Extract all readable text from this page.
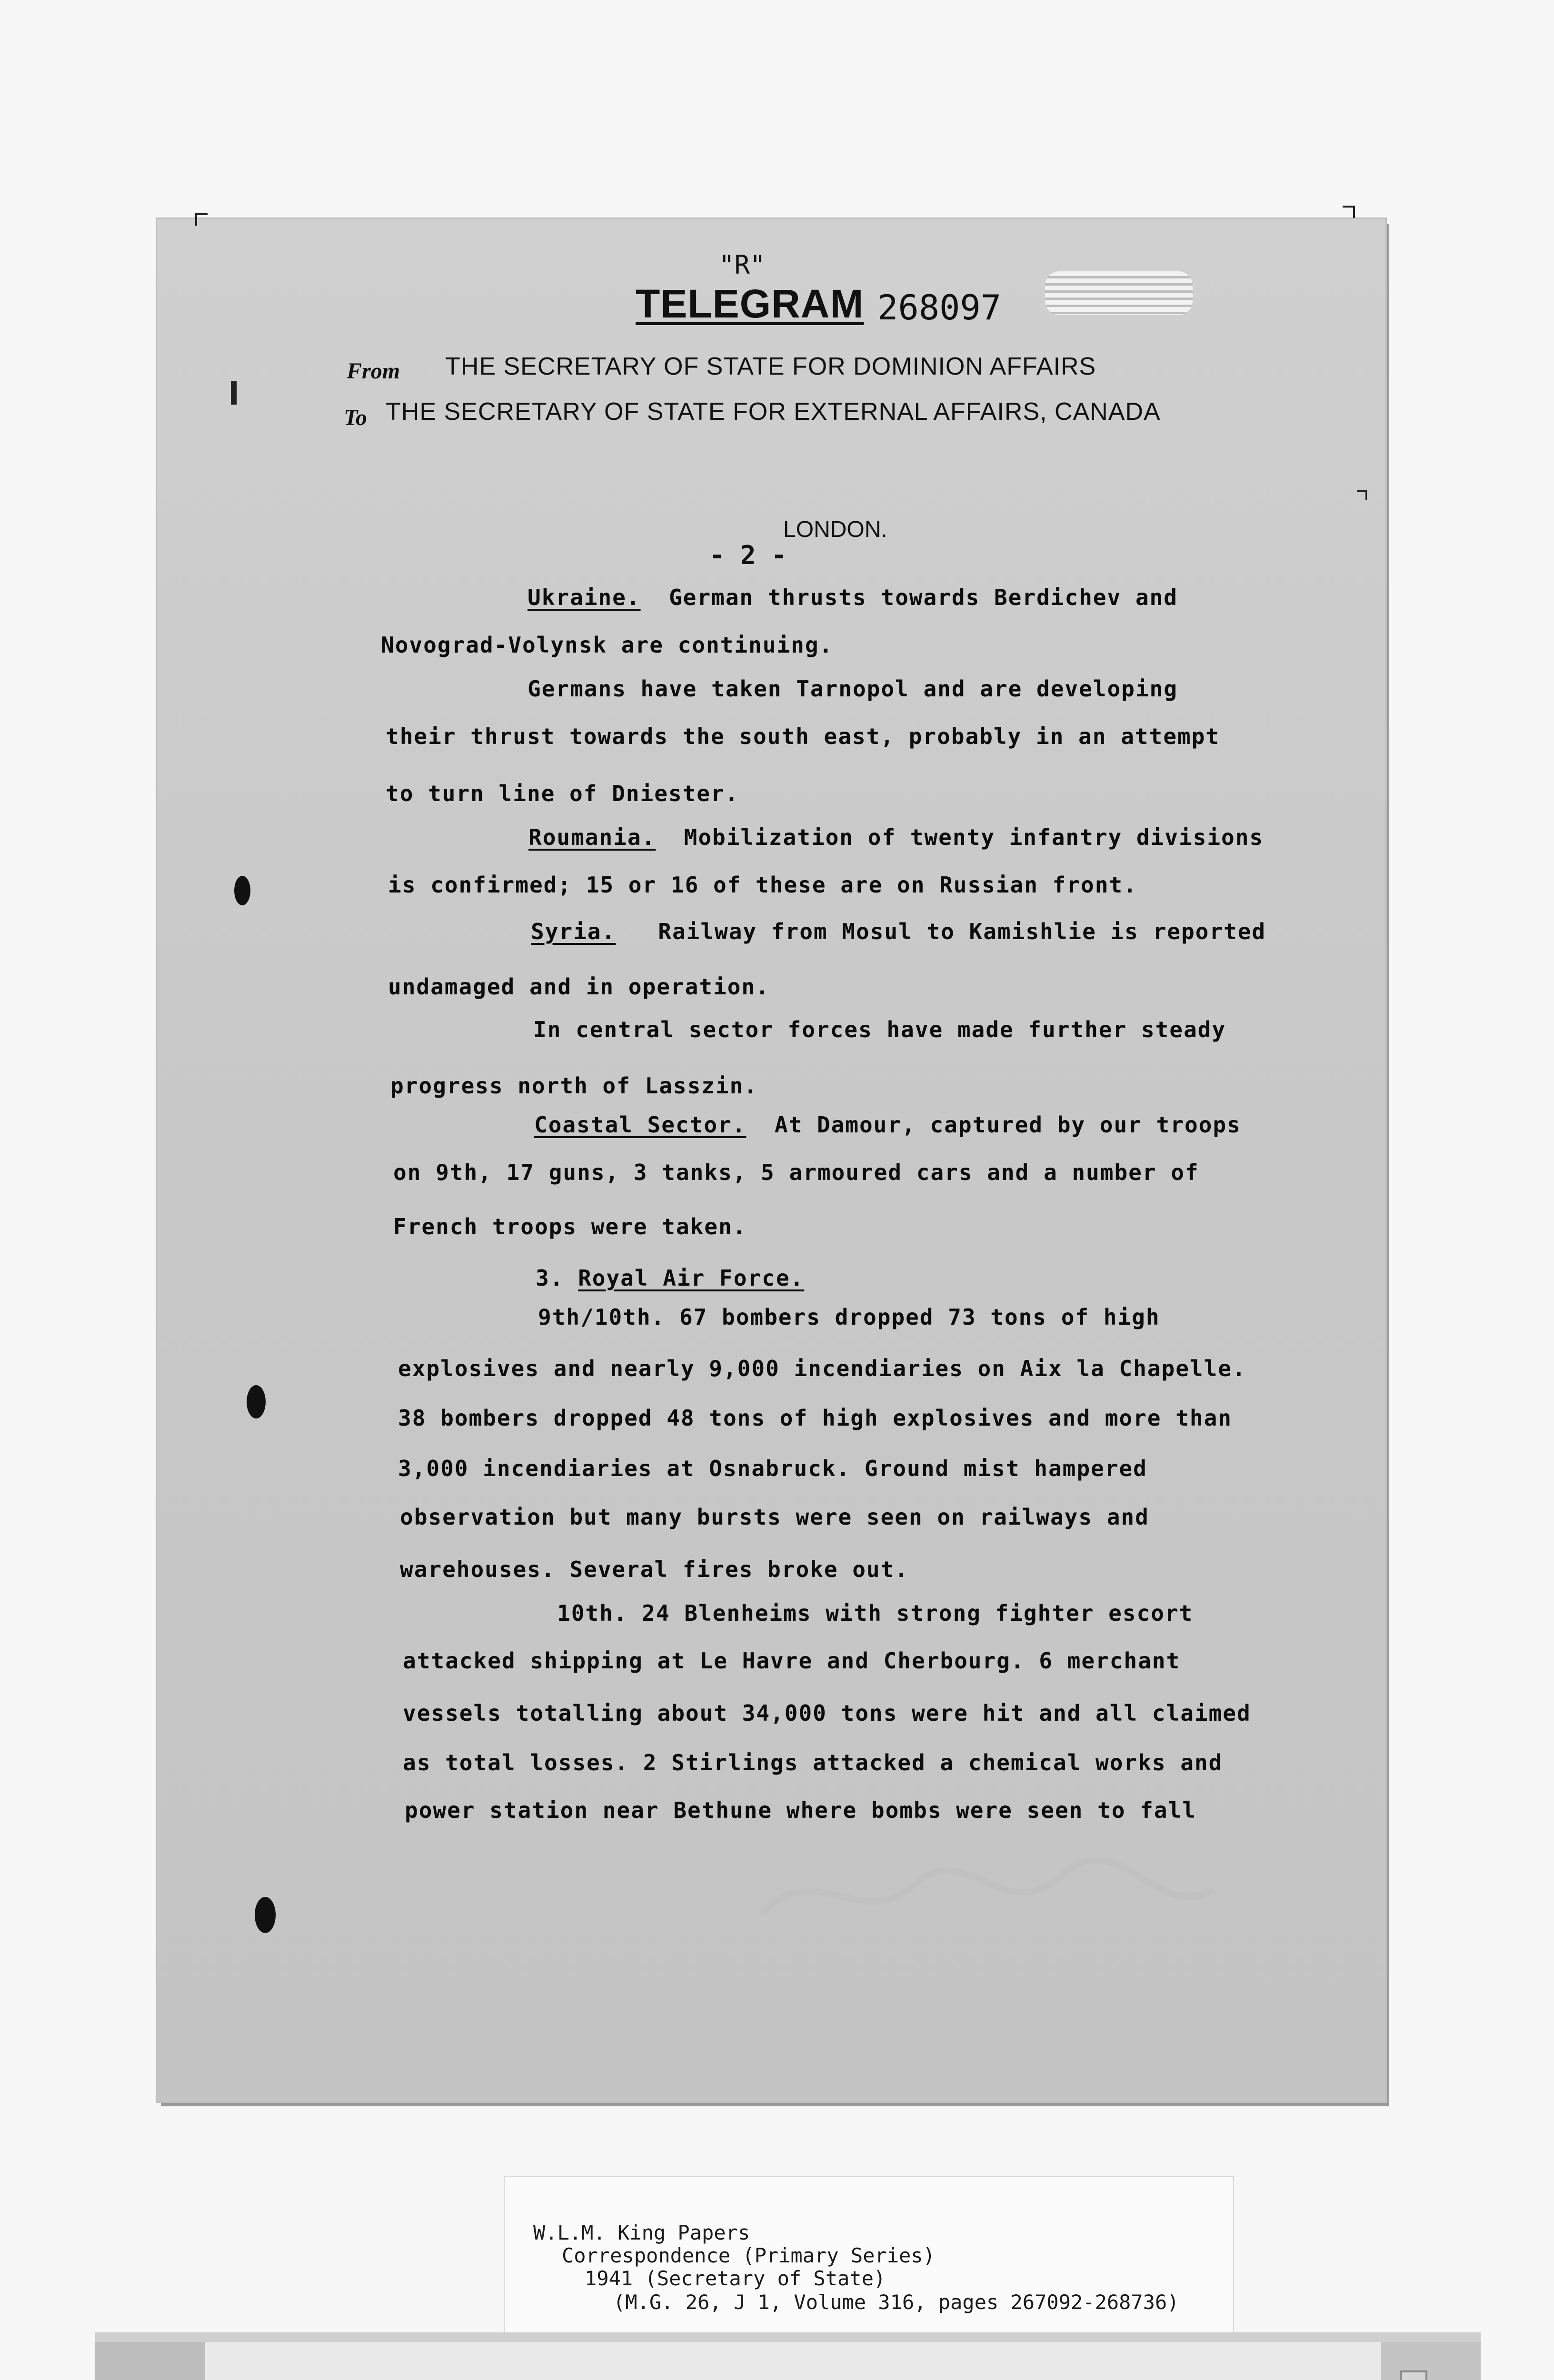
"R"
TELEGRAM 268097
From THE SECRETARY OF STATE FOR DOMINION AFFAIRS
To THE SECRETARY OF STATE FOR EXTERNAL AFFAIRS, CANADA
LONDON.
- 2 -
Ukraine. German thrusts towards Berdichev and
Novograd-Volynsk are continuing.
Germans have taken Tarnopol and are developing
their thrust towards the south east, probably in an attempt
to turn line of Dniester.
Roumania. Mobilization of twenty infantry divisions
is confirmed; 15 or 16 of these are on Russian front.
Syria. Railway from Mosul to Kamishlie is reported
undamaged and in operation.
In central sector forces have made further steady
progress north of Lasszin.
Coastal Sector. At Damour, captured by our troops
on 9th, 17 guns, 3 tanks, 5 armoured cars and a number of
French troops were taken.
3. Royal Air Force.
9th/10th. 67 bombers dropped 73 tons of high
explosives and nearly 9,000 incendiaries on Aix la Chapelle.
38 bombers dropped 48 tons of high explosives and more than
3,000 incendiaries at Osnabruck. Ground mist hampered
observation but many bursts were seen on railways and
warehouses. Several fires broke out.
10th. 24 Blenheims with strong fighter escort
attacked shipping at Le Havre and Cherbourg. 6 merchant
vessels totalling about 34,000 tons were hit and all claimed
as total losses. 2 Stirlings attacked a chemical works and
power station near Bethune where bombs were seen to fall
W.L.M. King Papers
Correspondence (Primary Series)
1941 (Secretary of State)
(M.G. 26, J 1, Volume 316, pages 267092-268736)
